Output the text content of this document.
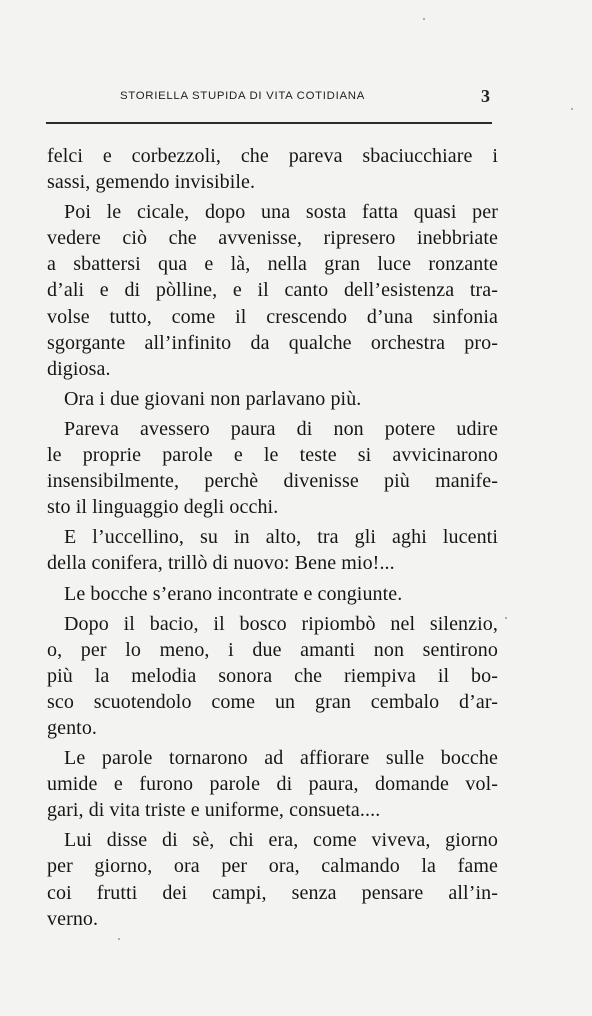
STORIELLA STUPIDA DI VITA COTIDIANA	3
felci e corbezzoli, che pareva sbaciucchiare i
sassi, gemendo invisibile.
Poi le cicale, dopo una sosta fatta quasi per
vedere ciò che avvenisse, ripresero inebbriate
a sbattersi qua e là, nella gran luce ronzante
d’ali e di pòlline, e il canto dell’esistenza tra-
volse tutto, come il crescendo d’una sinfonia
sgorgante all’infinito da qualche orchestra pro-
digiosa.
Ora i due giovani non parlavano più.
Pareva avessero paura di non potere udire
le proprie parole e le teste si avvicinarono
insensibilmente, perchè divenisse più manife-
sto il linguaggio degli occhi.
E l’uccellino, su in alto, tra gli aghi lucenti
della conifera, trillò di nuovo: Bene mio!...
Le bocche s’erano incontrate e congiunte.
Dopo il bacio, il bosco ripiombò nel silenzio,
o, per lo meno, i due amanti non sentirono
più la melodia sonora che riempiva il bo-
sco scuotendolo come un gran cembalo d’ar-
gento.
Le parole tornarono ad affiorare sulle bocche
umide e furono parole di paura, domande vol-
gari, di vita triste e uniforme, consueta....
Lui disse di sè, chi era, come viveva, giorno
per giorno, ora per ora, calmando la fame
coi frutti dei campi, senza pensare all’in-
verno.
